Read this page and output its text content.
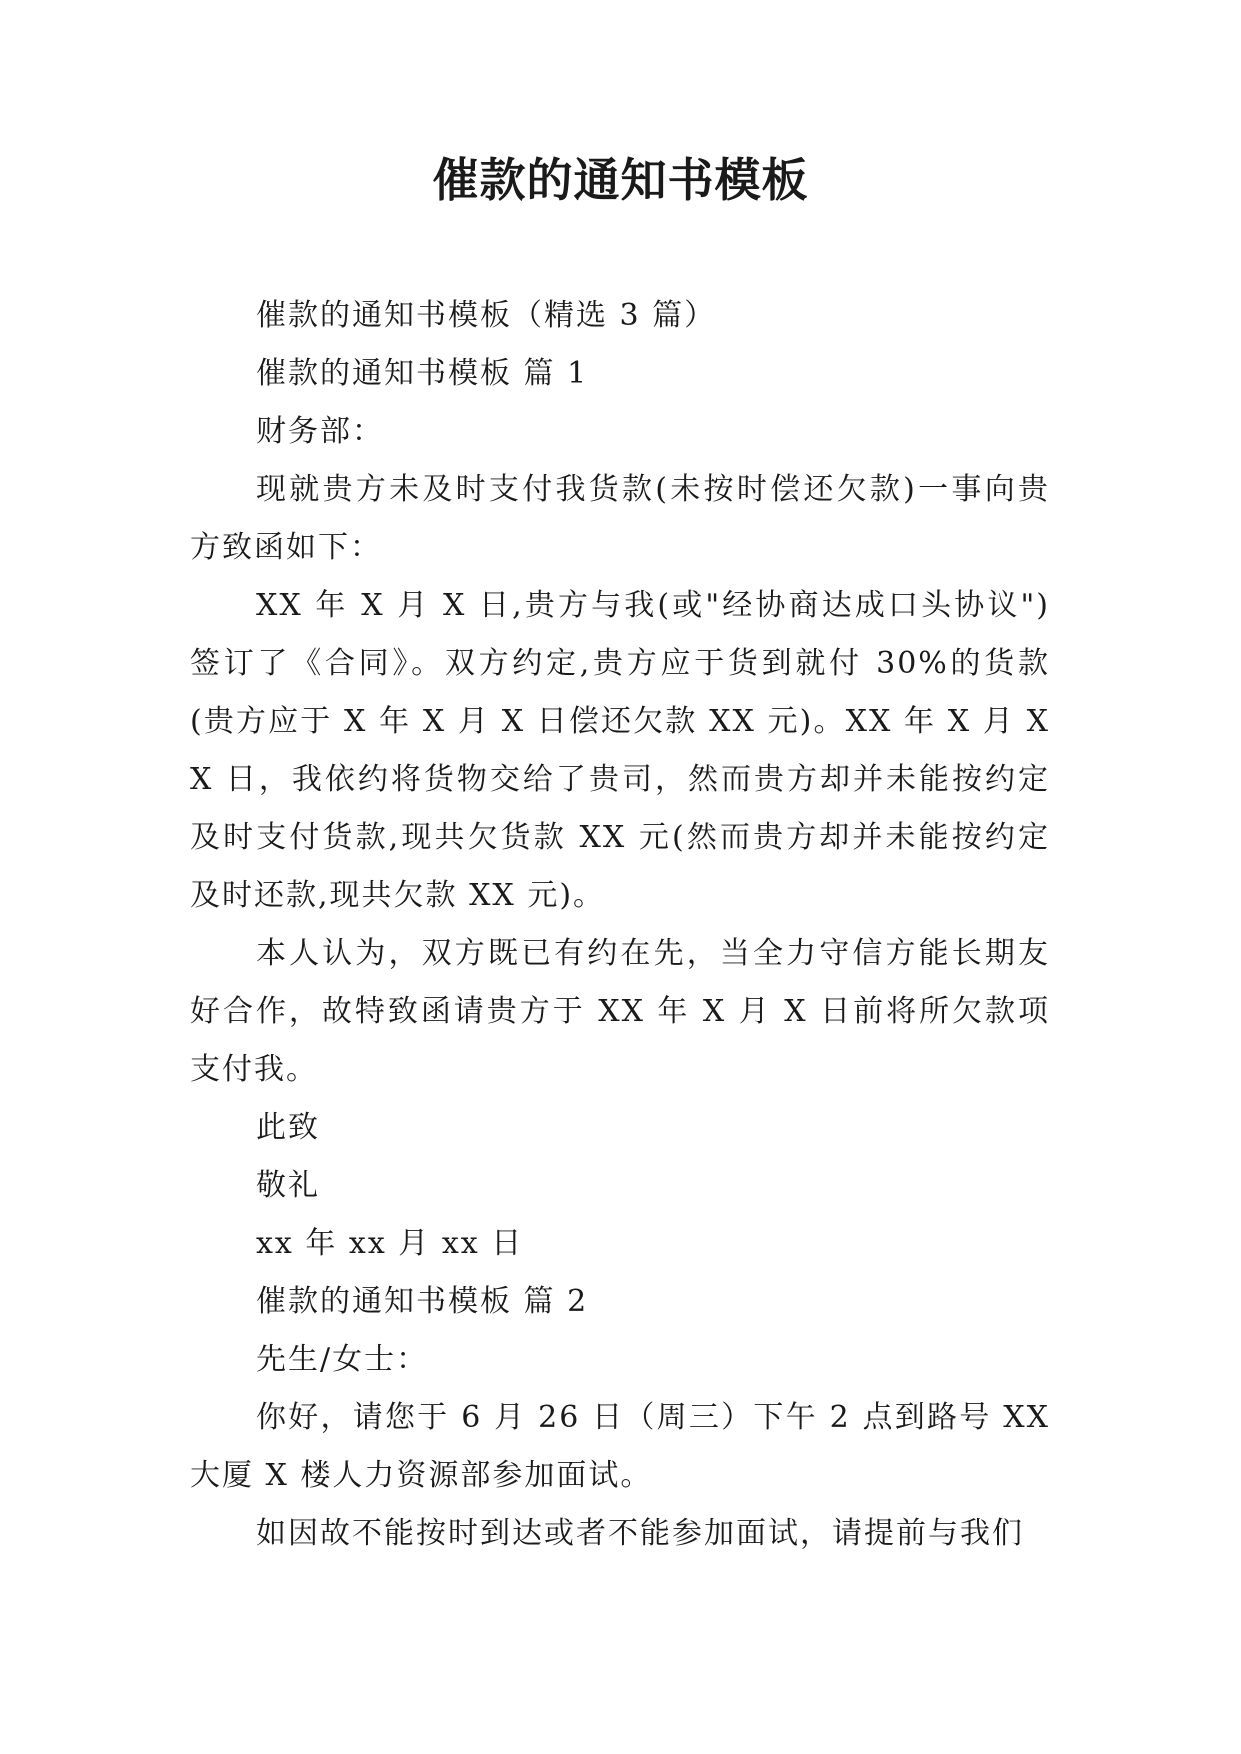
催款的通知书模板

催款的通知书模板（精选 3 篇）

催款的通知书模板 篇 1

财务部：

现就贵方未及时支付我货款(未按时偿还欠款)一事向贵方致函如下：

XX 年 X 月 X 日,贵方与我(或"经协商达成口头协议")签订了《合同》。双方约定,贵方应于货到就付 30%的货款(贵方应于 X 年 X 月 X 日偿还欠款 XX 元)。XX 年 X 月 XX 日，我依约将货物交给了贵司，然而贵方却并未能按约定及时支付货款,现共欠货款 XX 元(然而贵方却并未能按约定及时还款,现共欠款 XX 元)。

本人认为，双方既已有约在先，当全力守信方能长期友好合作，故特致函请贵方于 XX 年 X 月 X 日前将所欠款项支付我。

此致

敬礼

xx 年 xx 月 xx 日

催款的通知书模板 篇 2

先生/女士：

你好，请您于 6 月 26 日（周三）下午 2 点到路号 XX 大厦 X 楼人力资源部参加面试。

如因故不能按时到达或者不能参加面试，请提前与我们
